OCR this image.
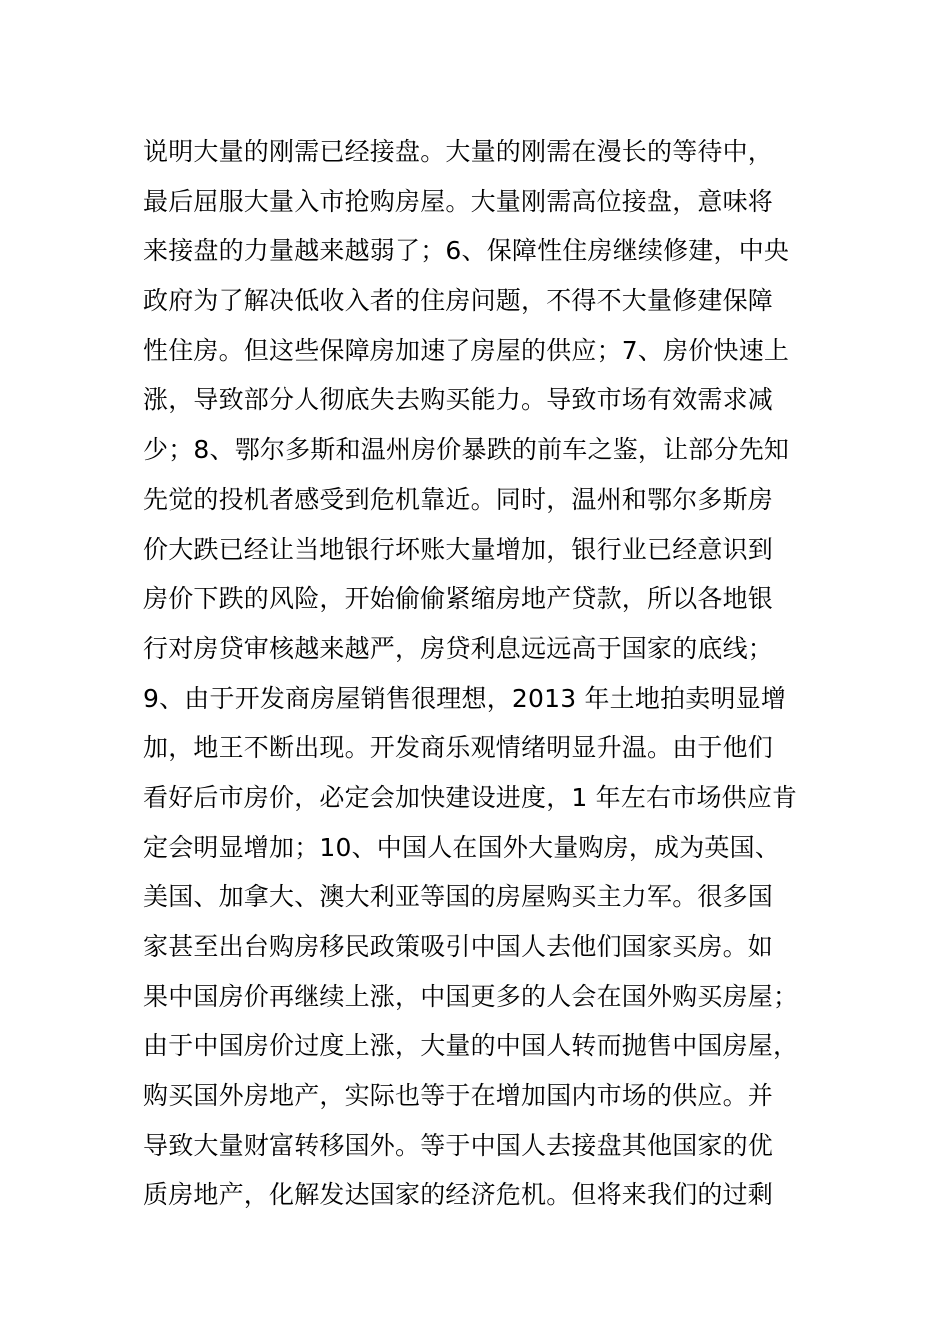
说明大量的刚需已经接盘。大量的刚需在漫长的等待中，
最后屈服大量入市抢购房屋。大量刚需高位接盘，意味将
来接盘的力量越来越弱了；6、保障性住房继续修建，中央
政府为了解决低收入者的住房问题，不得不大量修建保障
性住房。但这些保障房加速了房屋的供应；7、房价快速上
涨，导致部分人彻底失去购买能力。导致市场有效需求减
少；8、鄂尔多斯和温州房价暴跌的前车之鉴，让部分先知
先觉的投机者感受到危机靠近。同时，温州和鄂尔多斯房
价大跌已经让当地银行坏账大量增加，银行业已经意识到
房价下跌的风险，开始偷偷紧缩房地产贷款，所以各地银
行对房贷审核越来越严，房贷利息远远高于国家的底线；
9、由于开发商房屋销售很理想，2013 年土地拍卖明显增
加，地王不断出现。开发商乐观情绪明显升温。由于他们
看好后市房价，必定会加快建设进度，1 年左右市场供应肯
定会明显增加；10、中国人在国外大量购房，成为英国、
美国、加拿大、澳大利亚等国的房屋购买主力军。很多国
家甚至出台购房移民政策吸引中国人去他们国家买房。如
果中国房价再继续上涨，中国更多的人会在国外购买房屋；
由于中国房价过度上涨，大量的中国人转而抛售中国房屋，
购买国外房地产，实际也等于在增加国内市场的供应。并
导致大量财富转移国外。等于中国人去接盘其他国家的优
质房地产，化解发达国家的经济危机。但将来我们的过剩
